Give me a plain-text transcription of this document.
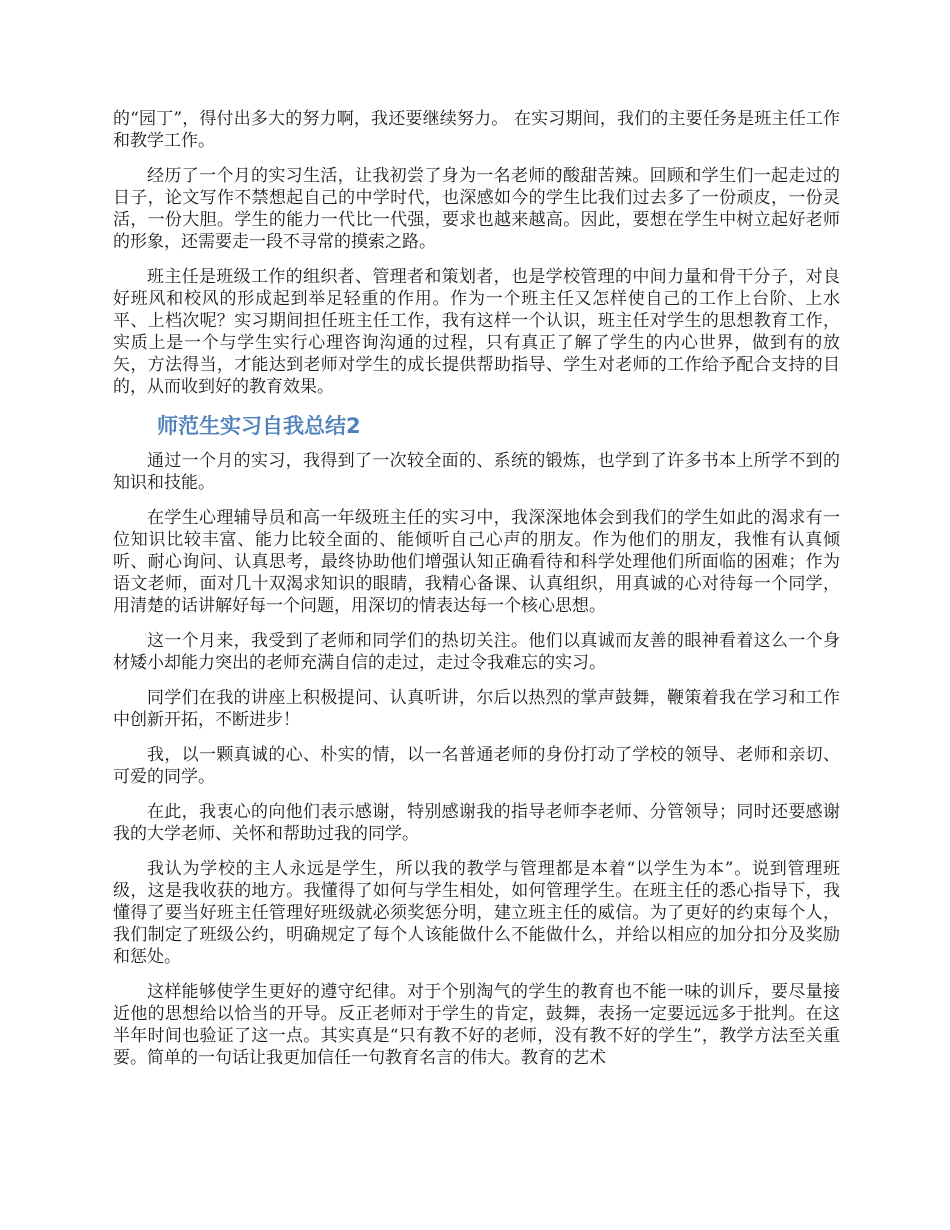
的“园丁”，得付出多大的努力啊，我还要继续努力。 在实习期间，我们的主要任务是班主任工作和教学工作。

经历了一个月的实习生活，让我初尝了身为一名老师的酸甜苦辣。回顾和学生们一起走过的日子，论文写作不禁想起自己的中学时代，也深感如今的学生比我们过去多了一份顽皮，一份灵活，一份大胆。学生的能力一代比一代强，要求也越来越高。因此，要想在学生中树立起好老师的形象，还需要走一段不寻常的摸索之路。

班主任是班级工作的组织者、管理者和策划者，也是学校管理的中间力量和骨干分子，对良好班风和校风的形成起到举足轻重的作用。作为一个班主任又怎样使自己的工作上台阶、上水平、上档次呢？实习期间担任班主任工作，我有这样一个认识，班主任对学生的思想教育工作，实质上是一个与学生实行心理咨询沟通的过程，只有真正了解了学生的内心世界，做到有的放矢，方法得当，才能达到老师对学生的成长提供帮助指导、学生对老师的工作给予配合支持的目的，从而收到好的教育效果。

师范生实习自我总结2

通过一个月的实习，我得到了一次较全面的、系统的锻炼，也学到了许多书本上所学不到的知识和技能。

在学生心理辅导员和高一年级班主任的实习中，我深深地体会到我们的学生如此的渴求有一位知识比较丰富、能力比较全面的、能倾听自己心声的朋友。作为他们的朋友，我惟有认真倾听、耐心询问、认真思考，最终协助他们增强认知正确看待和科学处理他们所面临的困难；作为语文老师，面对几十双渴求知识的眼睛，我精心备课、认真组织，用真诚的心对待每一个同学，用清楚的话讲解好每一个问题，用深切的情表达每一个核心思想。

这一个月来，我受到了老师和同学们的热切关注。他们以真诚而友善的眼神看着这么一个身材矮小却能力突出的老师充满自信的走过，走过令我难忘的实习。

同学们在我的讲座上积极提问、认真听讲，尔后以热烈的掌声鼓舞，鞭策着我在学习和工作中创新开拓，不断进步！

我，以一颗真诚的心、朴实的情，以一名普通老师的身份打动了学校的领导、老师和亲切、可爱的同学。

在此，我衷心的向他们表示感谢，特别感谢我的指导老师李老师、分管领导；同时还要感谢我的大学老师、关怀和帮助过我的同学。

我认为学校的主人永远是学生，所以我的教学与管理都是本着“以学生为本”。说到管理班级，这是我收获的地方。我懂得了如何与学生相处，如何管理学生。在班主任的悉心指导下，我懂得了要当好班主任管理好班级就必须奖惩分明，建立班主任的威信。为了更好的约束每个人，我们制定了班级公约，明确规定了每个人该能做什么不能做什么，并给以相应的加分扣分及奖励和惩处。

这样能够使学生更好的遵守纪律。对于个别淘气的学生的教育也不能一味的训斥，要尽量接近他的思想给以恰当的开导。反正老师对于学生的肯定，鼓舞，表扬一定要远远多于批判。在这半年时间也验证了这一点。其实真是“只有教不好的老师，没有教不好的学生”，教学方法至关重要。简单的一句话让我更加信任一句教育名言的伟大。教育的艺术
